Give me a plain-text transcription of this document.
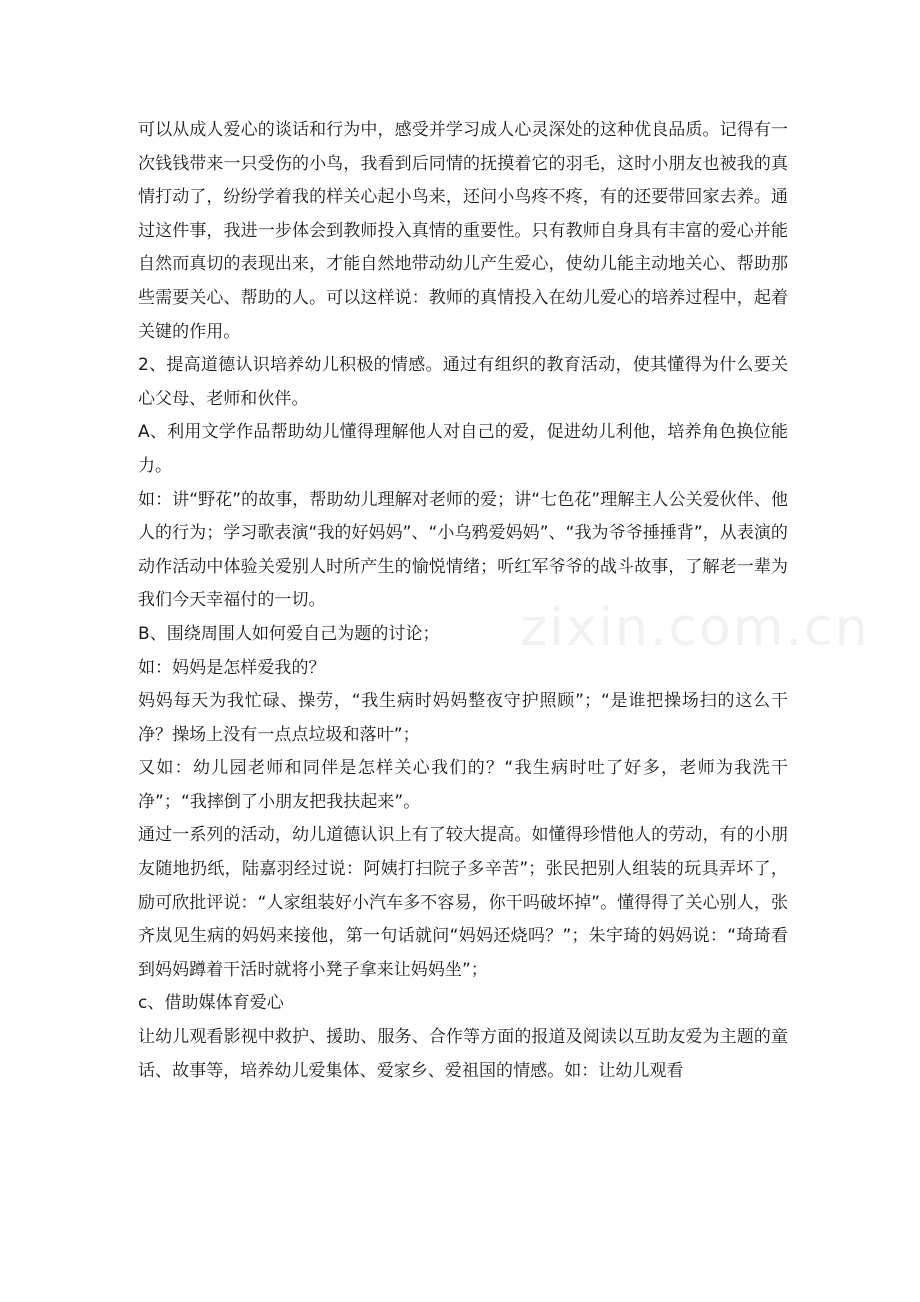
可以从成人爱心的谈话和行为中，感受并学习成人心灵深处的这种优良品质。记得有一次钱钱带来一只受伤的小鸟，我看到后同情的抚摸着它的羽毛，这时小朋友也被我的真情打动了，纷纷学着我的样关心起小鸟来，还问小鸟疼不疼，有的还要带回家去养。通过这件事，我进一步体会到教师投入真情的重要性。只有教师自身具有丰富的爱心并能自然而真切的表现出来，才能自然地带动幼儿产生爱心，使幼儿能主动地关心、帮助那些需要关心、帮助的人。可以这样说：教师的真情投入在幼儿爱心的培养过程中，起着关键的作用。

2、提高道德认识培养幼儿积极的情感。通过有组织的教育活动，使其懂得为什么要关心父母、老师和伙伴。

A、利用文学作品帮助幼儿懂得理解他人对自己的爱，促进幼儿利他，培养角色换位能力。

如：讲“野花”的故事，帮助幼儿理解对老师的爱；讲“七色花”理解主人公关爱伙伴、他人的行为；学习歌表演“我的好妈妈”、“小乌鸦爱妈妈”、“我为爷爷捶捶背”，从表演的动作活动中体验关爱别人时所产生的愉悦情绪；听红军爷爷的战斗故事，了解老一辈为我们今天幸福付的一切。

B、围绕周围人如何爱自己为题的讨论；

如：妈妈是怎样爱我的？

妈妈每天为我忙碌、操劳，“我生病时妈妈整夜守护照顾”；“是谁把操场扫的这么干净？操场上没有一点点垃圾和落叶”；

又如：幼儿园老师和同伴是怎样关心我们的？“我生病时吐了好多，老师为我洗干净”；“我摔倒了小朋友把我扶起来”。

通过一系列的活动，幼儿道德认识上有了较大提高。如懂得珍惜他人的劳动，有的小朋友随地扔纸，陆嘉羽经过说：阿姨打扫院子多辛苦”；张民把别人组装的玩具弄坏了，励可欣批评说：“人家组装好小汽车多不容易，你干吗破坏掉”。懂得得了关心别人，张齐岚见生病的妈妈来接他，第一句话就问“妈妈还烧吗？”；朱宇琦的妈妈说：“琦琦看到妈妈蹲着干活时就将小凳子拿来让妈妈坐”；

c、借助媒体育爱心

让幼儿观看影视中救护、援助、服务、合作等方面的报道及阅读以互助友爱为主题的童话、故事等，培养幼儿爱集体、爱家乡、爱祖国的情感。如：让幼儿观看

zixin.com.cn
